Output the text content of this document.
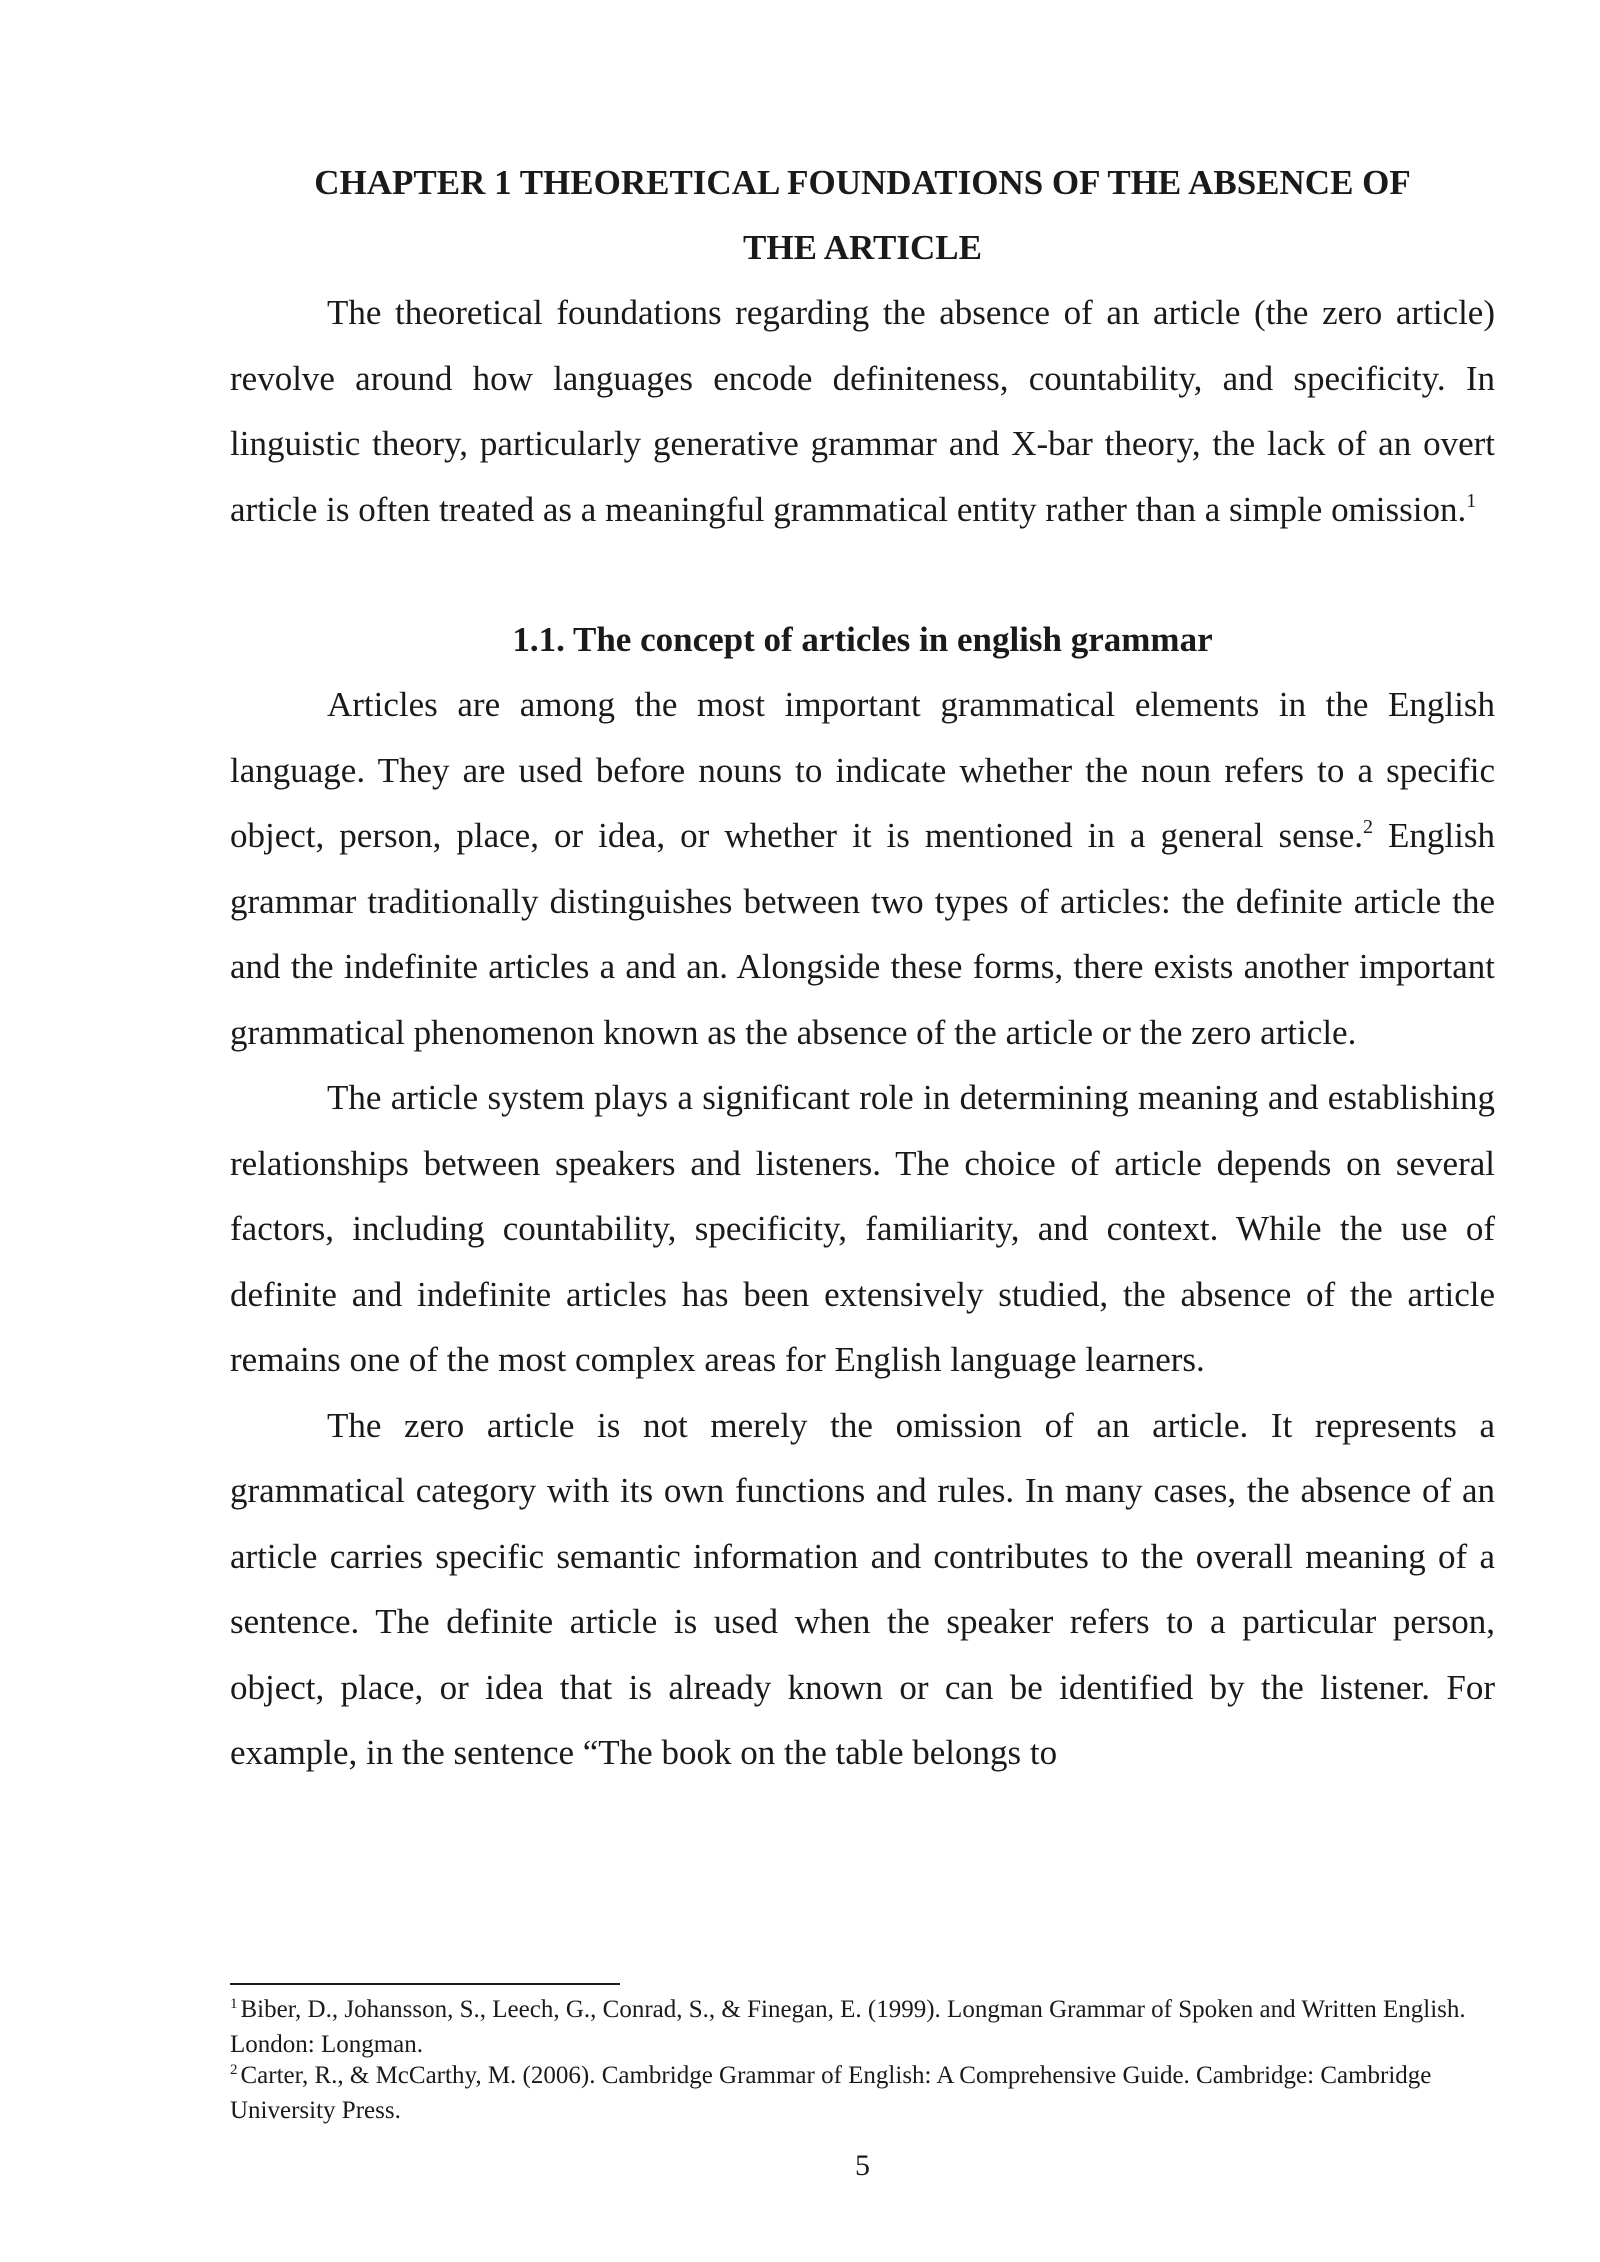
CHAPTER 1 THEORETICAL FOUNDATIONS OF THE ABSENCE OF
THE ARTICLE

The theoretical foundations regarding the absence of an article (the zero article) revolve around how languages encode definiteness, countability, and specificity. In linguistic theory, particularly generative grammar and X-bar theory, the lack of an overt article is often treated as a meaningful grammatical entity rather than a simple omission.$^1$

1.1. The concept of articles in english grammar

Articles are among the most important grammatical elements in the English language. They are used before nouns to indicate whether the noun refers to a specific object, person, place, or idea, or whether it is mentioned in a general sense.$^2$ English grammar traditionally distinguishes between two types of articles: the definite article the and the indefinite articles a and an. Alongside these forms, there exists another important grammatical phenomenon known as the absence of the article or the zero article.

The article system plays a significant role in determining meaning and establishing relationships between speakers and listeners. The choice of article depends on several factors, including countability, specificity, familiarity, and context. While the use of definite and indefinite articles has been extensively studied, the absence of the article remains one of the most complex areas for English language learners.

The zero article is not merely the omission of an article. It represents a grammatical category with its own functions and rules. In many cases, the absence of an article carries specific semantic information and contributes to the overall meaning of a sentence. The definite article is used when the speaker refers to a particular person, object, place, or idea that is already known or can be identified by the listener. For example, in the sentence “The book on the table belongs to

$^1$ Biber, D., Johansson, S., Leech, G., Conrad, S., & Finegan, E. (1999). Longman Grammar of Spoken and Written English. London: Longman.

$^2$ Carter, R., & McCarthy, M. (2006). Cambridge Grammar of English: A Comprehensive Guide. Cambridge: Cambridge University Press.

5
